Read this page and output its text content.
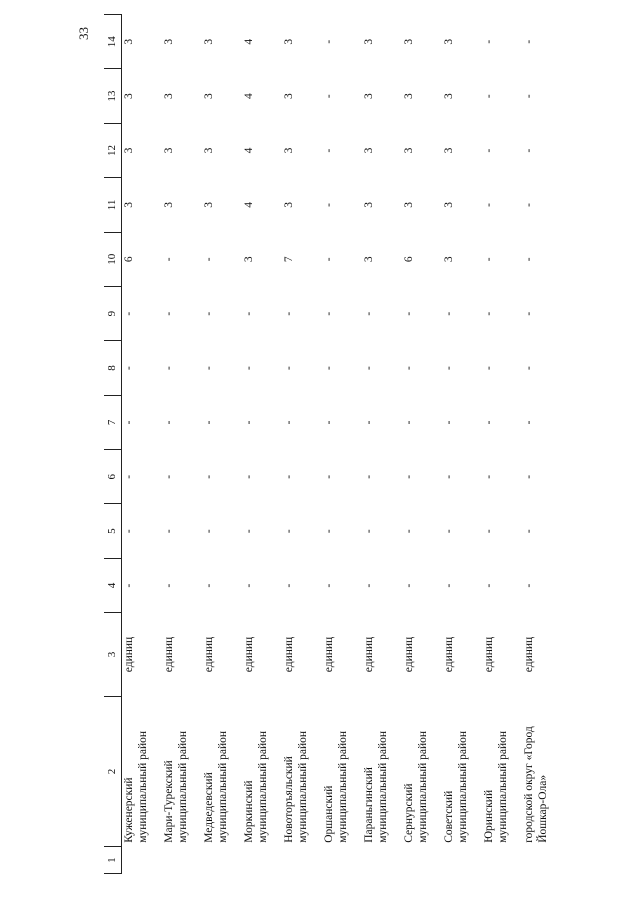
33
1	2	3	4	5	6	7	8	9	10	11	12	13	14

	Куженерский муниципальный район	единиц	-	-	-	-	-	-	6	3	3	3	3

	Мари-Турекский муниципальный район	единиц	-	-	-	-	-	-	-	3	3	3	3

	Медведевский муниципальный район	единиц	-	-	-	-	-	-	-	3	3	3	3

	Моркинский муниципальный район	единиц	-	-	-	-	-	-	3	4	4	4	4

	Новоторъяльский муниципальный район	единиц	-	-	-	-	-	-	7	3	3	3	3

	Оршанский муниципальный район	единиц	-	-	-	-	-	-	-	-	-	-	-

	Параньгинский муниципальный район	единиц	-	-	-	-	-	-	3	3	3	3	3

	Сернурский муниципальный район	единиц	-	-	-	-	-	-	6	3	3	3	3

	Советский муниципальный район	единиц	-	-	-	-	-	-	3	3	3	3	3

	Юринский муниципальный район	единиц	-	-	-	-	-	-	-	-	-	-	-

	городской округ «Город Йошкар-Ола»	единиц	-	-	-	-	-	-	-	-	-	-	-
